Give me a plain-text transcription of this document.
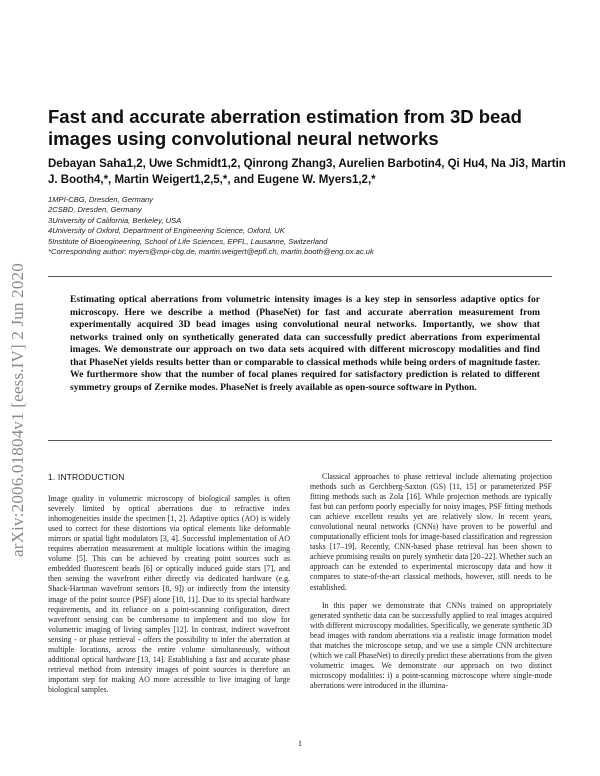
arXiv:2006.01804v1 [eess.IV] 2 Jun 2020
Fast and accurate aberration estimation from 3D bead images using convolutional neural networks
Debayan Saha1,2, Uwe Schmidt1,2, Qinrong Zhang3, Aurelien Barbotin4, Qi Hu4, Na Ji3, Martin J. Booth4,*, Martin Weigert1,2,5,*, and Eugene W. Myers1,2,*
1MPI-CBG, Dresden, Germany
2CSBD, Dresden, Germany
3University of California, Berkeley, USA
4University of Oxford, Department of Engineering Science, Oxford, UK
5Institute of Bioengineering, School of Life Sciences, EPFL, Lausanne, Switzerland
*Corresponding author: myers@mpi-cbg.de, martin.weigert@epfl.ch, martin.booth@eng.ox.ac.uk
Estimating optical aberrations from volumetric intensity images is a key step in sensorless adaptive optics for microscopy. Here we describe a method (PhaseNet) for fast and accurate aberration measurement from experimentally acquired 3D bead images using convolutional neural networks. Importantly, we show that networks trained only on synthetically generated data can successfully predict aberrations from experimental images. We demonstrate our approach on two data sets acquired with different microscopy modalities and find that PhaseNet yields results better than or comparable to classical methods while being orders of magnitude faster. We furthermore show that the number of focal planes required for satisfactory prediction is related to different symmetry groups of Zernike modes. PhaseNet is freely available as open-source software in Python.
1. INTRODUCTION

Image quality in volumetric microscopy of biological samples is often severely limited by optical aberrations due to refractive index inhomogeneities inside the specimen [1, 2]. Adaptive optics (AO) is widely used to correct for these distortions via optical elements like deformable mirrors or spatial light modulators [3, 4]. Successful implementation of AO requires aberration measurement at multiple locations within the imaging volume [5]. This can be achieved by creating point sources such as embedded fluorescent beads [6] or optically induced guide stars [7], and then sensing the wavefront either directly via dedicated hardware (e.g. Shack-Hartman wavefront sensors [8, 9]) or indirectly from the intensity image of the point source (PSF) alone [10, 11]. Due to its special hardware requirements, and its reliance on a point-scanning configuration, direct wavefront sensing can be cumbersome to implement and too slow for volumetric imaging of living samples [12]. In contrast, indirect wavefront sensing - or phase retrieval - offers the possibility to infer the aberration at multiple locations, across the entire volume simultaneously, without additional optical hardware [13, 14]. Establishing a fast and accurate phase retrieval method from intensity images of point sources is therefore an important step for making AO more accessible to live imaging of large biological samples.

Classical approaches to phase retrieval include alternating projection methods such as Gerchberg-Saxton (GS) [11, 15] or parameterized PSF fitting methods such as Zola [16]. While projection methods are typically fast but can perform poorly especially for noisy images, PSF fitting methods can achieve excellent results yet are relatively slow. In recent years, convolutional neural networks (CNNs) have proven to be powerful and computationally efficient tools for image-based classification and regression tasks [17–19]. Recently, CNN-based phase retrieval has been shown to achieve promising results on purely synthetic data [20–22]. Whether such an approach can be extended to experimental microscopy data and how it compares to state-of-the-art classical methods, however, still needs to be established.

In this paper we demonstrate that CNNs trained on appropriately generated synthetic data can be successfully applied to real images acquired with different microscopy modalities. Specifically, we generate synthetic 3D bead images with random aberrations via a realistic image formation model that matches the microscope setup, and we use a simple CNN architecture (which we call PhaseNet) to directly predict these aberrations from the given volumetric images. We demonstrate our approach on two distinct microscopy modalities: i) a point-scanning microscope where single-mode aberrations were introduced in the illumina-

1
